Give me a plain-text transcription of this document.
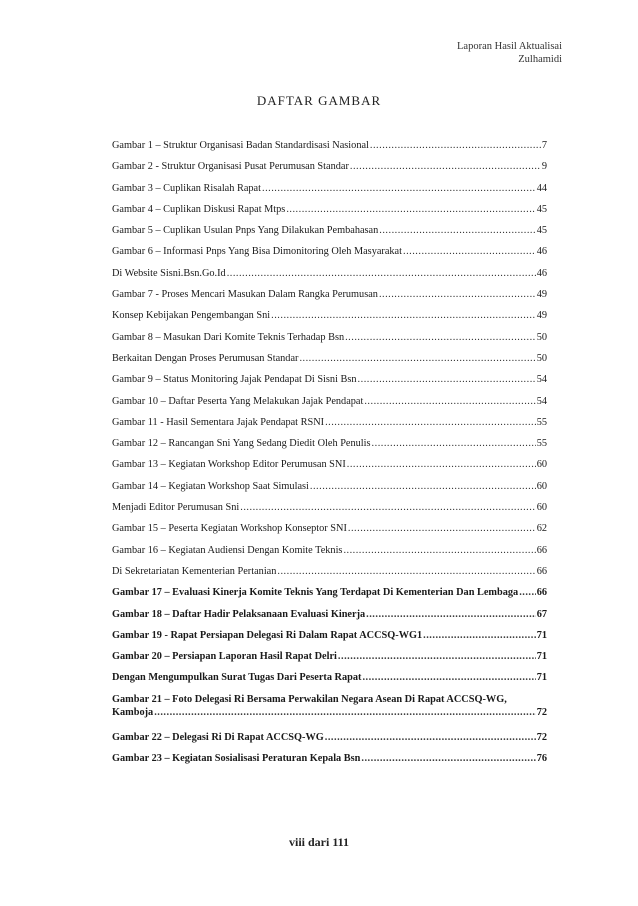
Laporan Hasil Aktualisai
Zulhamidi
DAFTAR GAMBAR
Gambar 1 – Struktur Organisasi Badan Standardisasi Nasional .....	7
Gambar 2 - Struktur Organisasi Pusat Perumusan Standar .....	9
Gambar 3 – Cuplikan Risalah Rapat .....	44
Gambar 4 – Cuplikan Diskusi Rapat Mtps .....	45
Gambar 5 – Cuplikan Usulan Pnps Yang Dilakukan Pembahasan .....	45
Gambar 6 – Informasi Pnps Yang Bisa Dimonitoring Oleh Masyarakat .....	46
Di Website Sisni.Bsn.Go.Id .....	46
Gambar 7 - Proses Mencari Masukan Dalam Rangka Perumusan .....	49
Konsep Kebijakan Pengembangan Sni .....	49
Gambar 8 – Masukan Dari Komite Teknis Terhadap Bsn .....	50
Berkaitan Dengan Proses Perumusan Standar .....	50
Gambar 9 – Status Monitoring Jajak Pendapat Di Sisni Bsn .....	54
Gambar 10 – Daftar Peserta Yang Melakukan Jajak Pendapat .....	54
Gambar 11 - Hasil Sementara Jajak Pendapat RSNI .....	55
Gambar 12 – Rancangan Sni Yang Sedang Diedit Oleh Penulis .....	55
Gambar 13 – Kegiatan Workshop Editor Perumusan SNI .....	60
Gambar 14 – Kegiatan Workshop Saat Simulasi .....	60
Menjadi Editor Perumusan Sni .....	60
Gambar 15 – Peserta Kegiatan Workshop Konseptor SNI .....	62
Gambar 16 – Kegiatan Audiensi Dengan Komite Teknis .....	66
Di Sekretariatan Kementerian Pertanian .....	66
Gambar 17 – Evaluasi Kinerja Komite Teknis Yang Terdapat Di Kementerian Dan Lembaga ..... 66
Gambar 18 – Daftar Hadir Pelaksanaan Evaluasi Kinerja .....	67
Gambar 19 - Rapat Persiapan Delegasi Ri Dalam Rapat ACCSQ-WG1 .....	71
Gambar 20 – Persiapan Laporan Hasil Rapat Delri .....	71
Dengan Mengumpulkan Surat Tugas Dari Peserta Rapat .....	71
Gambar 21 – Foto Delegasi Ri Bersama Perwakilan Negara Asean Di Rapat ACCSQ-WG,
Kamboja .....	72
Gambar 22 – Delegasi Ri Di Rapat ACCSQ-WG .....	72
Gambar 23 – Kegiatan Sosialisasi Peraturan Kepala Bsn .....	76
viii dari 111
